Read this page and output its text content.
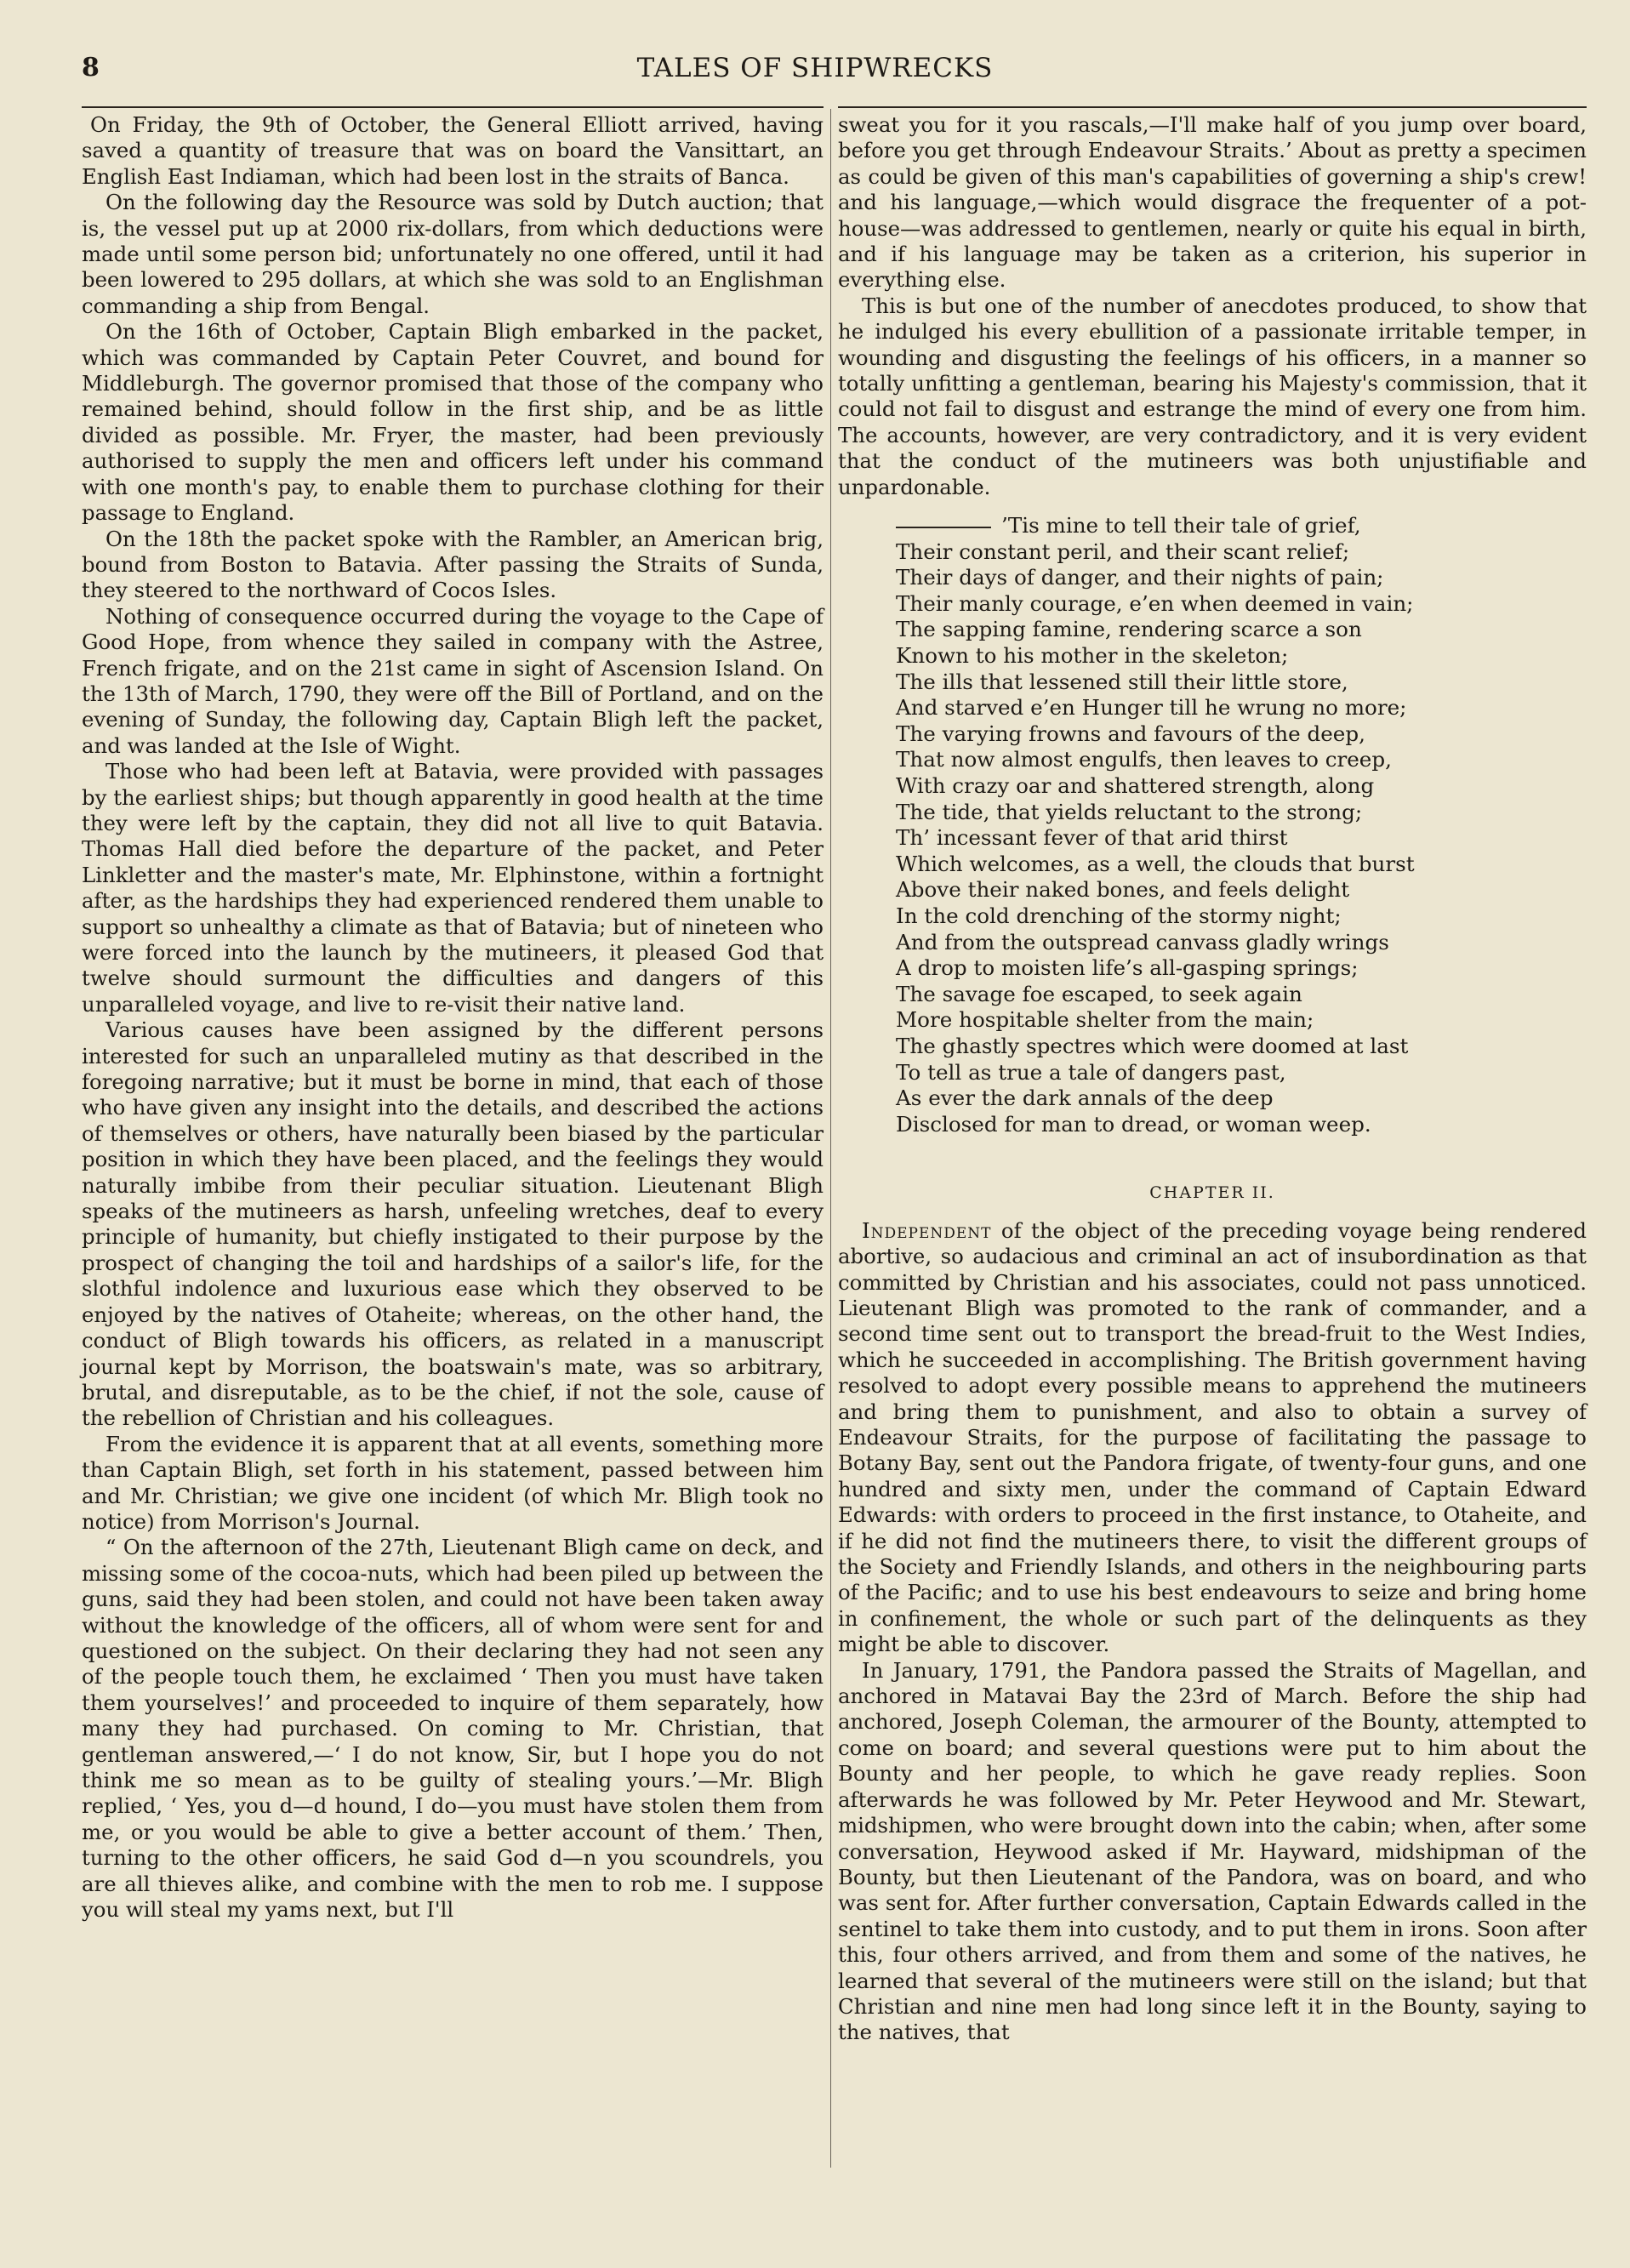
8	TALES OF SHIPWRECKS

On Friday, the 9th of October, the General Elliott arrived, having saved a quantity of treasure that was on board the Vansittart, an English East Indiaman, which had been lost in the straits of Banca.

On the following day the Resource was sold by Dutch auction; that is, the vessel put up at 2000 rix-dollars, from which deductions were made until some person bid; unfortunately no one offered, until it had been lowered to 295 dollars, at which she was sold to an Englishman commanding a ship from Bengal.

On the 16th of October, Captain Bligh embarked in the packet, which was commanded by Captain Peter Couvret, and bound for Middleburgh. The governor promised that those of the company who remained behind, should follow in the first ship, and be as little divided as possible. Mr. Fryer, the master, had been previously authorised to supply the men and officers left under his command with one month's pay, to enable them to purchase clothing for their passage to England.

On the 18th the packet spoke with the Rambler, an American brig, bound from Boston to Batavia. After passing the Straits of Sunda, they steered to the northward of Cocos Isles.

Nothing of consequence occurred during the voyage to the Cape of Good Hope, from whence they sailed in company with the Astree, French frigate, and on the 21st came in sight of Ascension Island. On the 13th of March, 1790, they were off the Bill of Portland, and on the evening of Sunday, the following day, Captain Bligh left the packet, and was landed at the Isle of Wight.

Those who had been left at Batavia, were provided with passages by the earliest ships; but though apparently in good health at the time they were left by the captain, they did not all live to quit Batavia. Thomas Hall died before the departure of the packet, and Peter Linkletter and the master's mate, Mr. Elphinstone, within a fortnight after, as the hardships they had experienced rendered them unable to support so unhealthy a climate as that of Batavia; but of nineteen who were forced into the launch by the mutineers, it pleased God that twelve should surmount the difficulties and dangers of this unparalleled voyage, and live to re-visit their native land.

Various causes have been assigned by the different persons interested for such an unparalleled mutiny as that described in the foregoing narrative; but it must be borne in mind, that each of those who have given any insight into the details, and described the actions of themselves or others, have naturally been biased by the particular position in which they have been placed, and the feelings they would naturally imbibe from their peculiar situation. Lieutenant Bligh speaks of the mutineers as harsh, unfeeling wretches, deaf to every principle of humanity, but chiefly instigated to their purpose by the prospect of changing the toil and hardships of a sailor's life, for the slothful indolence and luxurious ease which they observed to be enjoyed by the natives of Otaheite; whereas, on the other hand, the conduct of Bligh towards his officers, as related in a manuscript journal kept by Morrison, the boatswain's mate, was so arbitrary, brutal, and disreputable, as to be the chief, if not the sole, cause of the rebellion of Christian and his colleagues.

From the evidence it is apparent that at all events, something more than Captain Bligh, set forth in his statement, passed between him and Mr. Christian; we give one incident (of which Mr. Bligh took no notice) from Morrison's Journal.

“ On the afternoon of the 27th, Lieutenant Bligh came on deck, and missing some of the cocoa-nuts, which had been piled up between the guns, said they had been stolen, and could not have been taken away without the knowledge of the officers, all of whom were sent for and questioned on the subject. On their declaring they had not seen any of the people touch them, he exclaimed ‘ Then you must have taken them yourselves!’ and proceeded to inquire of them separately, how many they had purchased. On coming to Mr. Christian, that gentleman answered,—‘ I do not know, Sir, but I hope you do not think me so mean as to be guilty of stealing yours.’—Mr. Bligh replied, ‘ Yes, you d—d hound, I do—you must have stolen them from me, or you would be able to give a better account of them.’ Then, turning to the other officers, he said God d—n you scoundrels, you are all thieves alike, and combine with the men to rob me. I suppose you will steal my yams next, but I'll

sweat you for it you rascals,—I'll make half of you jump over board, before you get through Endeavour Straits.’ About as pretty a specimen as could be given of this man's capabilities of governing a ship's crew! and his language,—which would disgrace the frequenter of a pot-house—was addressed to gentlemen, nearly or quite his equal in birth, and if his language may be taken as a criterion, his superior in everything else.

This is but one of the number of anecdotes produced, to show that he indulged his every ebullition of a passionate irritable temper, in wounding and disgusting the feelings of his officers, in a manner so totally unfitting a gentleman, bearing his Majesty's commission, that it could not fail to disgust and estrange the mind of every one from him. The accounts, however, are very contradictory, and it is very evident that the conduct of the mutineers was both unjustifiable and unpardonable.

’Tis mine to tell their tale of grief,
Their constant peril, and their scant relief;
Their days of danger, and their nights of pain;
Their manly courage, e’en when deemed in vain;
The sapping famine, rendering scarce a son
Known to his mother in the skeleton;
The ills that lessened still their little store,
And starved e’en Hunger till he wrung no more;
The varying frowns and favours of the deep,
That now almost engulfs, then leaves to creep,
With crazy oar and shattered strength, along
The tide, that yields reluctant to the strong;
Th’ incessant fever of that arid thirst
Which welcomes, as a well, the clouds that burst
Above their naked bones, and feels delight
In the cold drenching of the stormy night;
And from the outspread canvass gladly wrings
A drop to moisten life’s all-gasping springs;
The savage foe escaped, to seek again
More hospitable shelter from the main;
The ghastly spectres which were doomed at last
To tell as true a tale of dangers past,
As ever the dark annals of the deep
Disclosed for man to dread, or woman weep.
CHAPTER II.

Independent of the object of the preceding voyage being rendered abortive, so audacious and criminal an act of insubordination as that committed by Christian and his associates, could not pass unnoticed. Lieutenant Bligh was promoted to the rank of commander, and a second time sent out to transport the bread-fruit to the West Indies, which he succeeded in accomplishing. The British government having resolved to adopt every possible means to apprehend the mutineers and bring them to punishment, and also to obtain a survey of Endeavour Straits, for the purpose of facilitating the passage to Botany Bay, sent out the Pandora frigate, of twenty-four guns, and one hundred and sixty men, under the command of Captain Edward Edwards: with orders to proceed in the first instance, to Otaheite, and if he did not find the mutineers there, to visit the different groups of the Society and Friendly Islands, and others in the neighbouring parts of the Pacific; and to use his best endeavours to seize and bring home in confinement, the whole or such part of the delinquents as they might be able to discover.

In January, 1791, the Pandora passed the Straits of Magellan, and anchored in Matavai Bay the 23rd of March. Before the ship had anchored, Joseph Coleman, the armourer of the Bounty, attempted to come on board; and several questions were put to him about the Bounty and her people, to which he gave ready replies. Soon afterwards he was followed by Mr. Peter Heywood and Mr. Stewart, midshipmen, who were brought down into the cabin; when, after some conversation, Heywood asked if Mr. Hayward, midshipman of the Bounty, but then Lieutenant of the Pandora, was on board, and who was sent for. After further conversation, Captain Edwards called in the sentinel to take them into custody, and to put them in irons. Soon after this, four others arrived, and from them and some of the natives, he learned that several of the mutineers were still on the island; but that Christian and nine men had long since left it in the Bounty, saying to the natives, that
